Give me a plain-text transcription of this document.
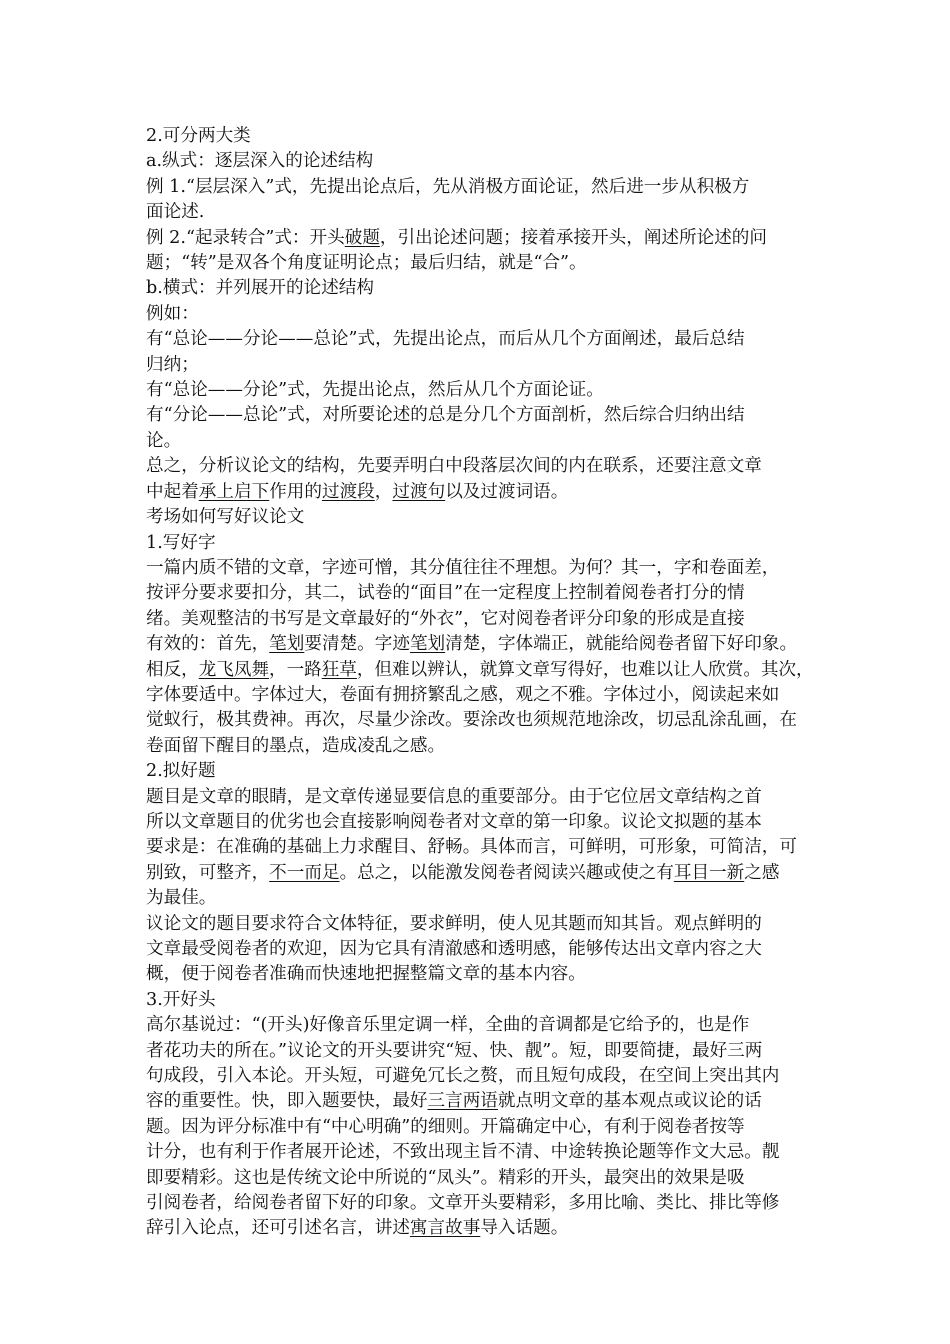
2.可分两大类
a.纵式：逐层深入的论述结构
例 1.“层层深入”式，先提出论点后，先从消极方面论证，然后进一步从积极方
面论述.
例 2.“起录转合”式：开头破题，引出论述问题；接着承接开头，阐述所论述的问
题；“转”是双各个角度证明论点；最后归结，就是“合”。
b.横式：并列展开的论述结构
例如：
有“总论——分论——总论”式，先提出论点，而后从几个方面阐述，最后总结
归纳；
有“总论——分论”式，先提出论点，然后从几个方面论证。
有“分论——总论”式，对所要论述的总是分几个方面剖析，然后综合归纳出结
论。
总之，分析议论文的结构，先要弄明白中段落层次间的内在联系，还要注意文章
中起着承上启下作用的过渡段，过渡句以及过渡词语。
考场如何写好议论文
1.写好字
一篇内质不错的文章，字迹可憎，其分值往往不理想。为何？其一，字和卷面差，
按评分要求要扣分，其二，试卷的“面目”在一定程度上控制着阅卷者打分的情
绪。美观整洁的书写是文章最好的“外衣”，它对阅卷者评分印象的形成是直接
有效的：首先，笔划要清楚。字迹笔划清楚，字体端正，就能给阅卷者留下好印象。
相反，龙飞凤舞，一路狂草，但难以辨认，就算文章写得好，也难以让人欣赏。其次，
字体要适中。字体过大，卷面有拥挤繁乱之感，观之不雅。字体过小，阅读起来如
觉蚁行，极其费神。再次，尽量少涂改。要涂改也须规范地涂改，切忌乱涂乱画，在
卷面留下醒目的墨点，造成凌乱之感。
2.拟好题
题目是文章的眼睛，是文章传递显要信息的重要部分。由于它位居文章结构之首
所以文章题目的优劣也会直接影响阅卷者对文章的第一印象。议论文拟题的基本
要求是：在准确的基础上力求醒目、舒畅。具体而言，可鲜明，可形象，可简洁，可
别致，可整齐，不一而足。总之，以能激发阅卷者阅读兴趣或使之有耳目一新之感
为最佳。
议论文的题目要求符合文体特征，要求鲜明，使人见其题而知其旨。观点鲜明的
文章最受阅卷者的欢迎，因为它具有清澈感和透明感，能够传达出文章内容之大
概，便于阅卷者准确而快速地把握整篇文章的基本内容。
3.开好头
高尔基说过：“(开头)好像音乐里定调一样，全曲的音调都是它给予的，也是作
者花功夫的所在。”议论文的开头要讲究“短、快、靓”。短，即要简捷，最好三两
句成段，引入本论。开头短，可避免冗长之赘，而且短句成段，在空间上突出其内
容的重要性。快，即入题要快，最好三言两语就点明文章的基本观点或议论的话
题。因为评分标准中有“中心明确”的细则。开篇确定中心，有利于阅卷者按等
计分，也有利于作者展开论述，不致出现主旨不清、中途转换论题等作文大忌。靓
即要精彩。这也是传统文论中所说的“凤头”。精彩的开头，最突出的效果是吸
引阅卷者，给阅卷者留下好的印象。文章开头要精彩，多用比喻、类比、排比等修
辞引入论点，还可引述名言，讲述寓言故事导入话题。
